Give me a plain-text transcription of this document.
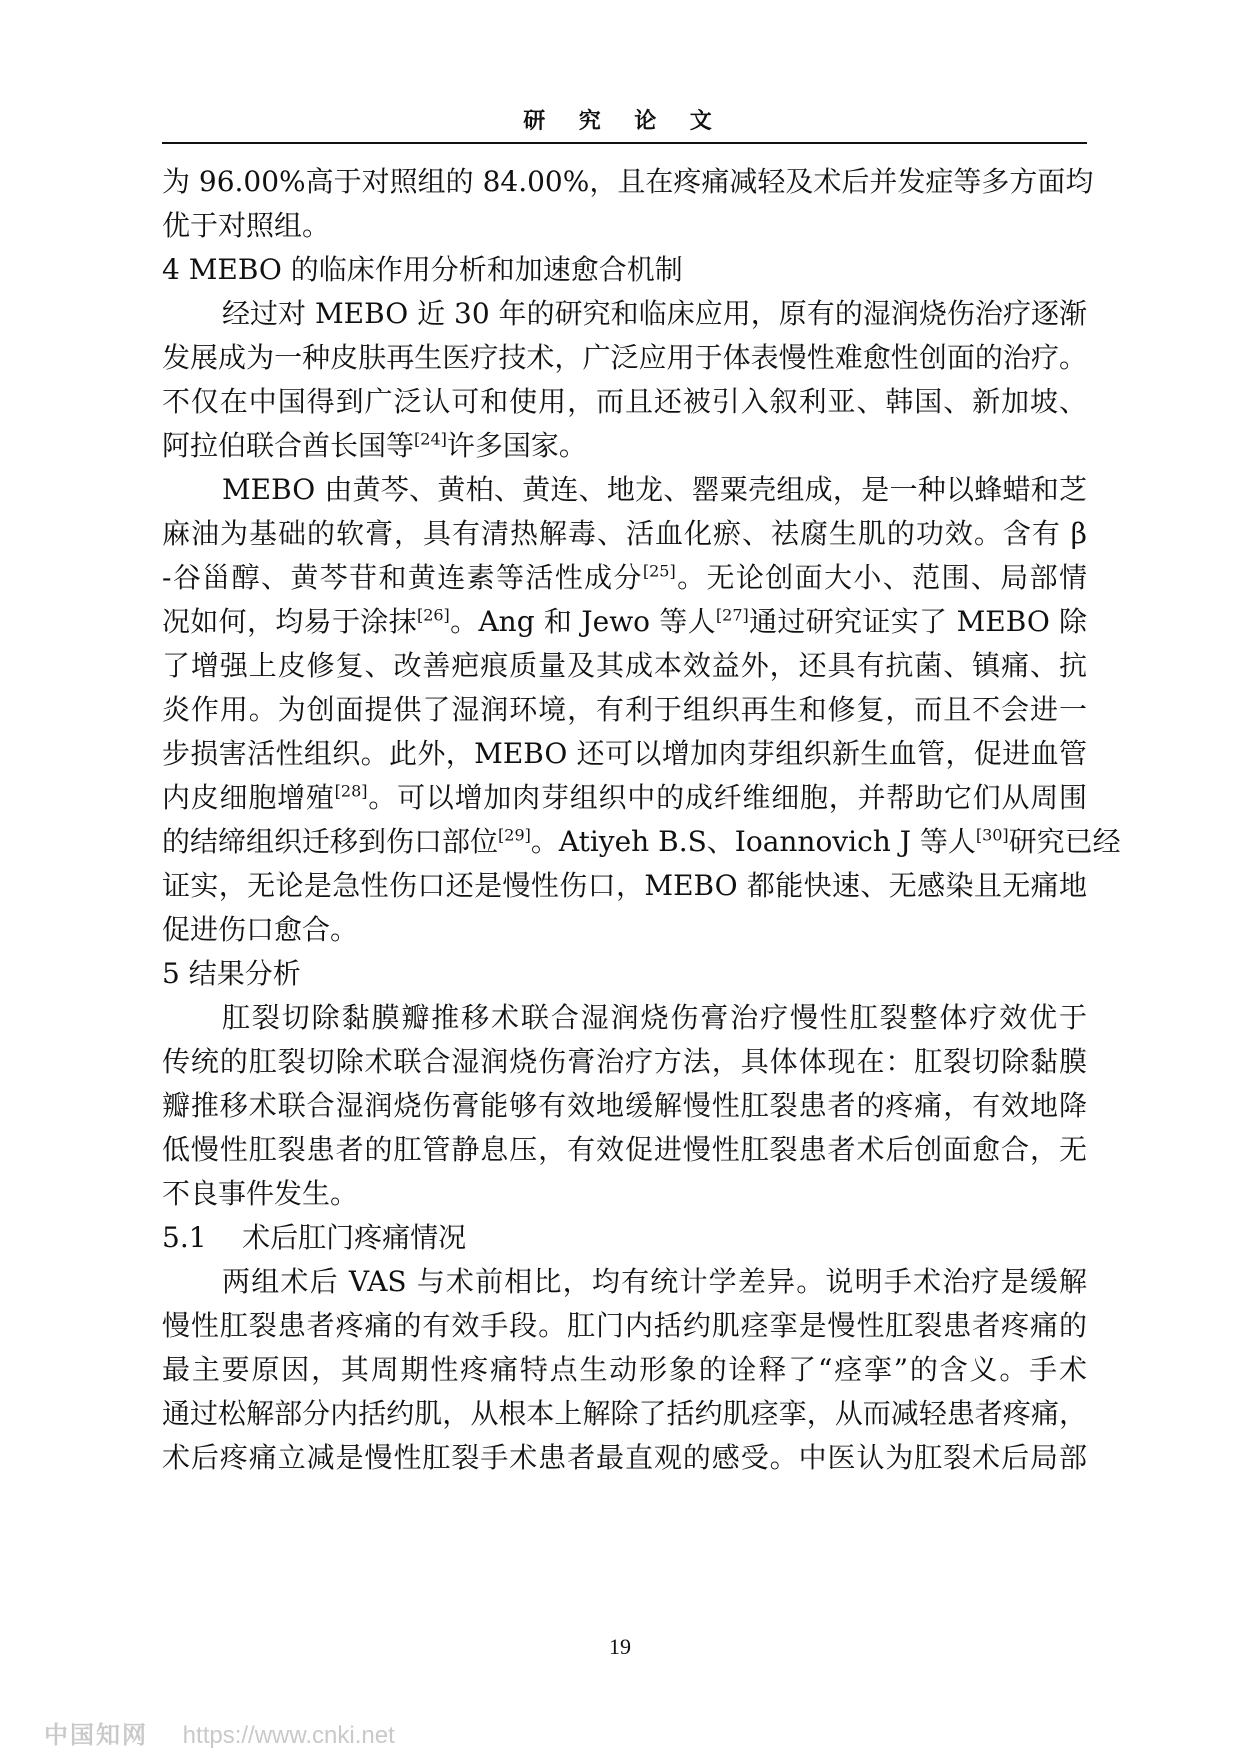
研 究 论 文
为 96.00%高于对照组的 84.00%，且在疼痛减轻及术后并发症等多方面均
优于对照组。
4 MEBO 的临床作用分析和加速愈合机制
经过对 MEBO 近 30 年的研究和临床应用，原有的湿润烧伤治疗逐渐
发展成为一种皮肤再生医疗技术，广泛应用于体表慢性难愈性创面的治疗。
不仅在中国得到广泛认可和使用，而且还被引入叙利亚、韩国、新加坡、
阿拉伯联合酋长国等[24]许多国家。
MEBO 由黄芩、黄柏、黄连、地龙、罂粟壳组成，是一种以蜂蜡和芝
麻油为基础的软膏，具有清热解毒、活血化瘀、祛腐生肌的功效。含有 β
-谷甾醇、黄芩苷和黄连素等活性成分[25]。无论创面大小、范围、局部情
况如何，均易于涂抹[26]。Ang 和 Jewo 等人[27]通过研究证实了 MEBO 除
了增强上皮修复、改善疤痕质量及其成本效益外，还具有抗菌、镇痛、抗
炎作用。为创面提供了湿润环境，有利于组织再生和修复，而且不会进一
步损害活性组织。此外，MEBO 还可以增加肉芽组织新生血管，促进血管
内皮细胞增殖[28]。可以增加肉芽组织中的成纤维细胞，并帮助它们从周围
的结缔组织迁移到伤口部位[29]。Atiyeh B.S、Ioannovich J 等人[30]研究已经
证实，无论是急性伤口还是慢性伤口，MEBO 都能快速、无感染且无痛地
促进伤口愈合。
5 结果分析
肛裂切除黏膜瓣推移术联合湿润烧伤膏治疗慢性肛裂整体疗效优于
传统的肛裂切除术联合湿润烧伤膏治疗方法，具体体现在：肛裂切除黏膜
瓣推移术联合湿润烧伤膏能够有效地缓解慢性肛裂患者的疼痛，有效地降
低慢性肛裂患者的肛管静息压，有效促进慢性肛裂患者术后创面愈合，无
不良事件发生。
5.1    术后肛门疼痛情况
两组术后 VAS 与术前相比，均有统计学差异。说明手术治疗是缓解
慢性肛裂患者疼痛的有效手段。肛门内括约肌痉挛是慢性肛裂患者疼痛的
最主要原因，其周期性疼痛特点生动形象的诠释了“痉挛”的含义。手术
通过松解部分内括约肌，从根本上解除了括约肌痉挛，从而减轻患者疼痛，
术后疼痛立减是慢性肛裂手术患者最直观的感受。中医认为肛裂术后局部
19
中国知网 https://www.cnki.net
